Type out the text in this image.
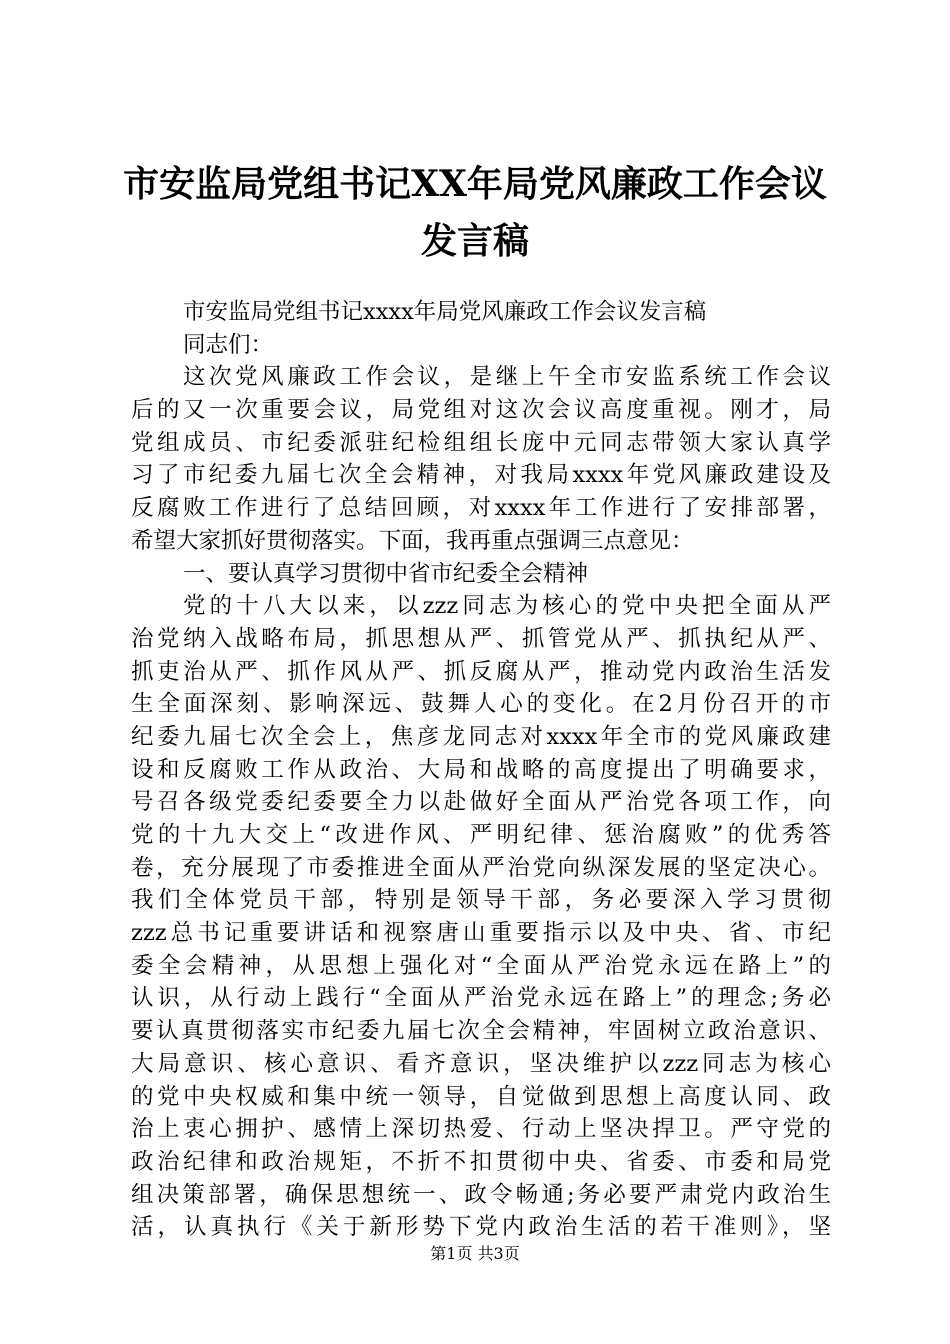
市安监局党组书记XX年局党风廉政工作会议
发言稿
市安监局党组书记xxxx年局党风廉政工作会议发言稿
同志们：
这次党风廉政工作会议，是继上午全市安监系统工作会议
后的又一次重要会议，局党组对这次会议高度重视。刚才，局
党组成员、市纪委派驻纪检组组长庞中元同志带领大家认真学
习了市纪委九届七次全会精神，对我局xxxx年党风廉政建设及
反腐败工作进行了总结回顾，对xxxx年工作进行了安排部署，
希望大家抓好贯彻落实。下面，我再重点强调三点意见：
一、要认真学习贯彻中省市纪委全会精神
党的十八大以来，以zzz同志为核心的党中央把全面从严
治党纳入战略布局，抓思想从严、抓管党从严、抓执纪从严、
抓吏治从严、抓作风从严、抓反腐从严，推动党内政治生活发
生全面深刻、影响深远、鼓舞人心的变化。在2月份召开的市
纪委九届七次全会上，焦彦龙同志对xxxx年全市的党风廉政建
设和反腐败工作从政治、大局和战略的高度提出了明确要求，
号召各级党委纪委要全力以赴做好全面从严治党各项工作，向
党的十九大交上“改进作风、严明纪律、惩治腐败”的优秀答
卷，充分展现了市委推进全面从严治党向纵深发展的坚定决心。
我们全体党员干部，特别是领导干部，务必要深入学习贯彻
zzz总书记重要讲话和视察唐山重要指示以及中央、省、市纪
委全会精神，从思想上强化对“全面从严治党永远在路上”的
认识，从行动上践行“全面从严治党永远在路上”的理念;务必
要认真贯彻落实市纪委九届七次全会精神，牢固树立政治意识、
大局意识、核心意识、看齐意识，坚决维护以zzz同志为核心
的党中央权威和集中统一领导，自觉做到思想上高度认同、政
治上衷心拥护、感情上深切热爱、行动上坚决捍卫。严守党的
政治纪律和政治规矩，不折不扣贯彻中央、省委、市委和局党
组决策部署，确保思想统一、政令畅通;务必要严肃党内政治生
活，认真执行《关于新形势下党内政治生活的若干准则》，坚
第1页 共3页
